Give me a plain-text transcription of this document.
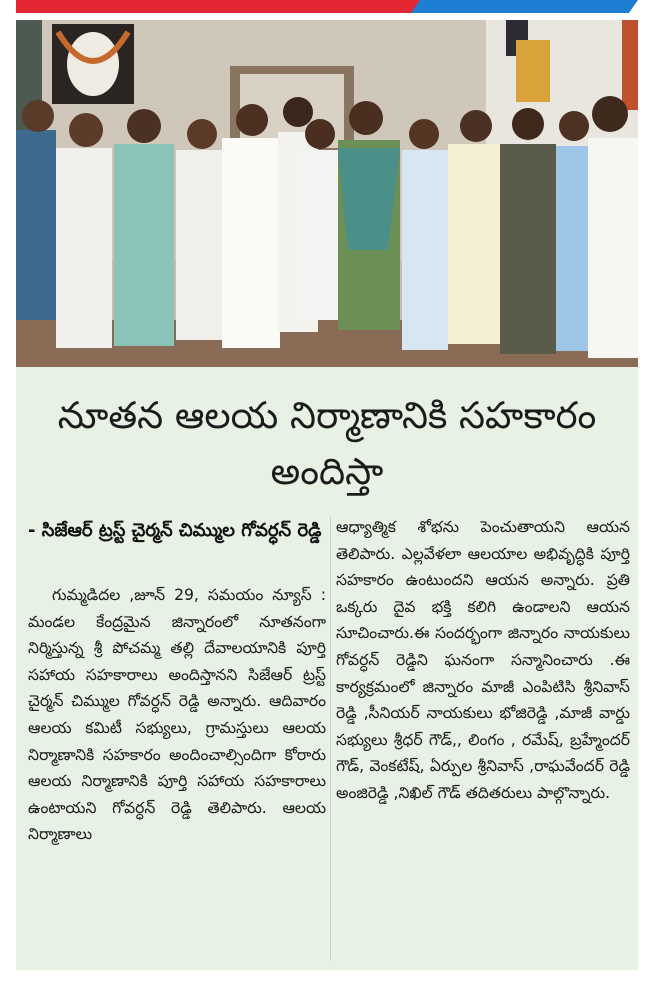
నూతన ఆలయ నిర్మాణానికి సహకారం
అందిస్తా
- సిజేఆర్ ట్రస్ట్ చైర్మన్ చిమ్ముల గోవర్ధన్ రెడ్డి
గుమ్మడిదల ,జూన్ 29, సమయం న్యూస్ : మండల కేంద్రమైన జిన్నారంలో నూతనంగా నిర్మిస్తున్న శ్రీ పోచమ్మ తల్లి దేవాలయానికి పూర్తి సహాయ సహకారాలు అందిస్తానని సిజేఆర్ ట్రస్ట్ చైర్మన్ చిమ్ముల గోవర్ధన్ రెడ్డి అన్నారు. ఆదివారం ఆలయ కమిటీ సభ్యులు, గ్రామస్తులు ఆలయ నిర్మాణానికి సహకారం అందించాల్సిందిగా కోరారు ఆలయ నిర్మాణానికి పూర్తి సహాయ సహకారాలు ఉంటాయని గోవర్ధన్ రెడ్డి తెలిపారు. ఆలయ నిర్మాణాలు
ఆధ్యాత్మిక శోభను పెంచుతాయని ఆయన తెలిపారు. ఎల్లవేళలా ఆలయాల అభివృద్ధికి పూర్తి సహకారం ఉంటుందని ఆయన అన్నారు. ప్రతి ఒక్కరు దైవ భక్తి కలిగి ఉండాలని ఆయన సూచించారు.ఈ సందర్భంగా జిన్నారం నాయకులు గోవర్ధన్ రెడ్డిని ఘనంగా సన్మానించారు .ఈ కార్యక్రమంలో జిన్నారం మాజీ ఎంపిటిసి శ్రీనివాస్ రెడ్డి ,సీనియర్ నాయకులు భోజిరెడ్డి ,మాజీ వార్డు సభ్యులు శ్రీధర్ గౌడ్,, లింగం , రమేష్, బ్రహ్మేందర్ గౌడ్, వెంకటేష్, ఏర్పుల శ్రీనివాస్ ,రాఘవేందర్ రెడ్డి అంజిరెడ్డి ,నిఖిల్ గౌడ్ తదితరులు పాల్గొన్నారు.
